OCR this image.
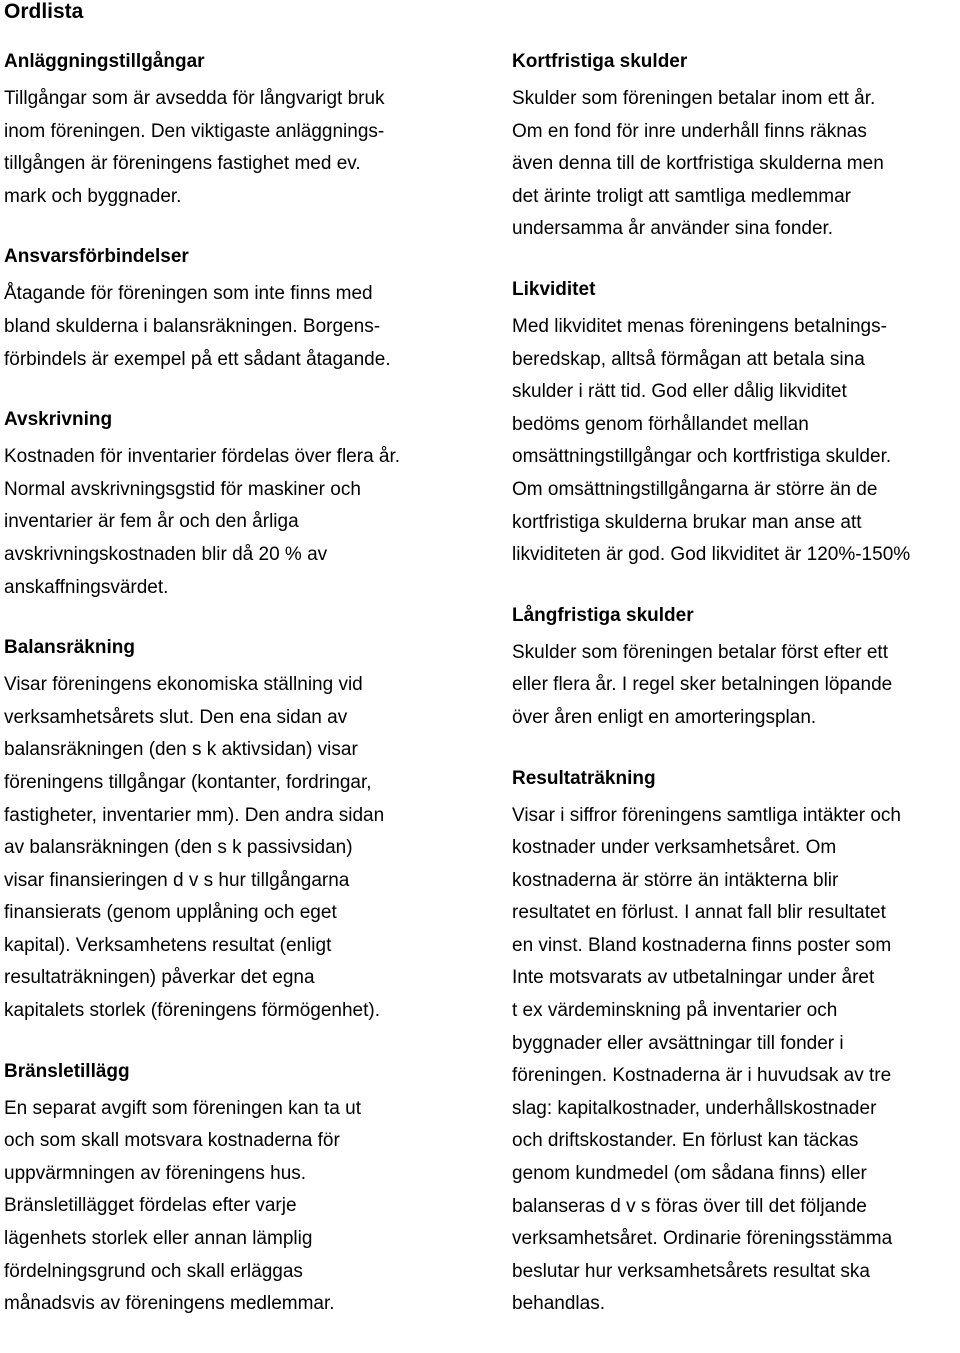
Ordlista
Anläggningstillgångar
Tillgångar som är avsedda för långvarigt bruk
inom föreningen. Den viktigaste anläggnings-
tillgången är föreningens fastighet med ev.
mark och byggnader.
Ansvarsförbindelser
Åtagande för föreningen som inte finns med
bland skulderna i balansräkningen. Borgens-
förbindels är exempel på ett sådant åtagande.
Avskrivning
Kostnaden för inventarier fördelas över flera år.
Normal avskrivningsgstid för maskiner och
inventarier är fem år och den årliga
avskrivningskostnaden blir då 20 % av
anskaffningsvärdet.
Balansräkning
Visar föreningens ekonomiska ställning vid
verksamhetsårets slut. Den ena sidan av
balansräkningen (den s k aktivsidan) visar
föreningens tillgångar (kontanter, fordringar,
fastigheter, inventarier mm). Den andra sidan
av balansräkningen (den s k passivsidan)
visar finansieringen d v s hur tillgångarna
finansierats (genom upplåning och eget
kapital). Verksamhetens resultat (enligt
resultaträkningen) påverkar det egna
kapitalets storlek (föreningens förmögenhet).
Bränsletillägg
En separat avgift som föreningen kan ta ut
och som skall motsvara kostnaderna för
uppvärmningen av föreningens hus.
Bränsletillägget fördelas efter varje
lägenhets storlek eller annan lämplig
fördelningsgrund och skall erläggas
månadsvis av föreningens medlemmar.
Kortfristiga skulder
Skulder som föreningen betalar inom ett år.
Om en fond för inre underhåll finns räknas
även denna till de kortfristiga skulderna men
det ärinte troligt att samtliga medlemmar
undersamma år använder sina fonder.
Likviditet
Med likviditet menas föreningens betalnings-
beredskap, alltså förmågan att betala sina
skulder i rätt tid. God eller dålig likviditet
bedöms genom förhållandet mellan
omsättningstillgångar och kortfristiga skulder.
Om omsättningstillgångarna är större än de
kortfristiga skulderna brukar man anse att
likviditeten är god. God likviditet är 120%-150%
Långfristiga skulder
Skulder som föreningen betalar först efter ett
eller flera år. I regel sker betalningen löpande
över åren enligt en amorteringsplan.
Resultaträkning
Visar i siffror föreningens samtliga intäkter och
kostnader under verksamhetsåret. Om
kostnaderna är större än intäkterna blir
resultatet en förlust. I annat fall blir resultatet
en vinst. Bland kostnaderna finns poster som
Inte motsvarats av utbetalningar under året
t ex värdeminskning på inventarier och
byggnader eller avsättningar till fonder i
föreningen. Kostnaderna är i huvudsak av tre
slag: kapitalkostnader, underhållskostnader
och driftskostander. En förlust kan täckas
genom kundmedel (om sådana finns) eller
balanseras d v s föras över till det följande
verksamhetsåret. Ordinarie föreningsstämma
beslutar hur verksamhetsårets resultat ska
behandlas.
